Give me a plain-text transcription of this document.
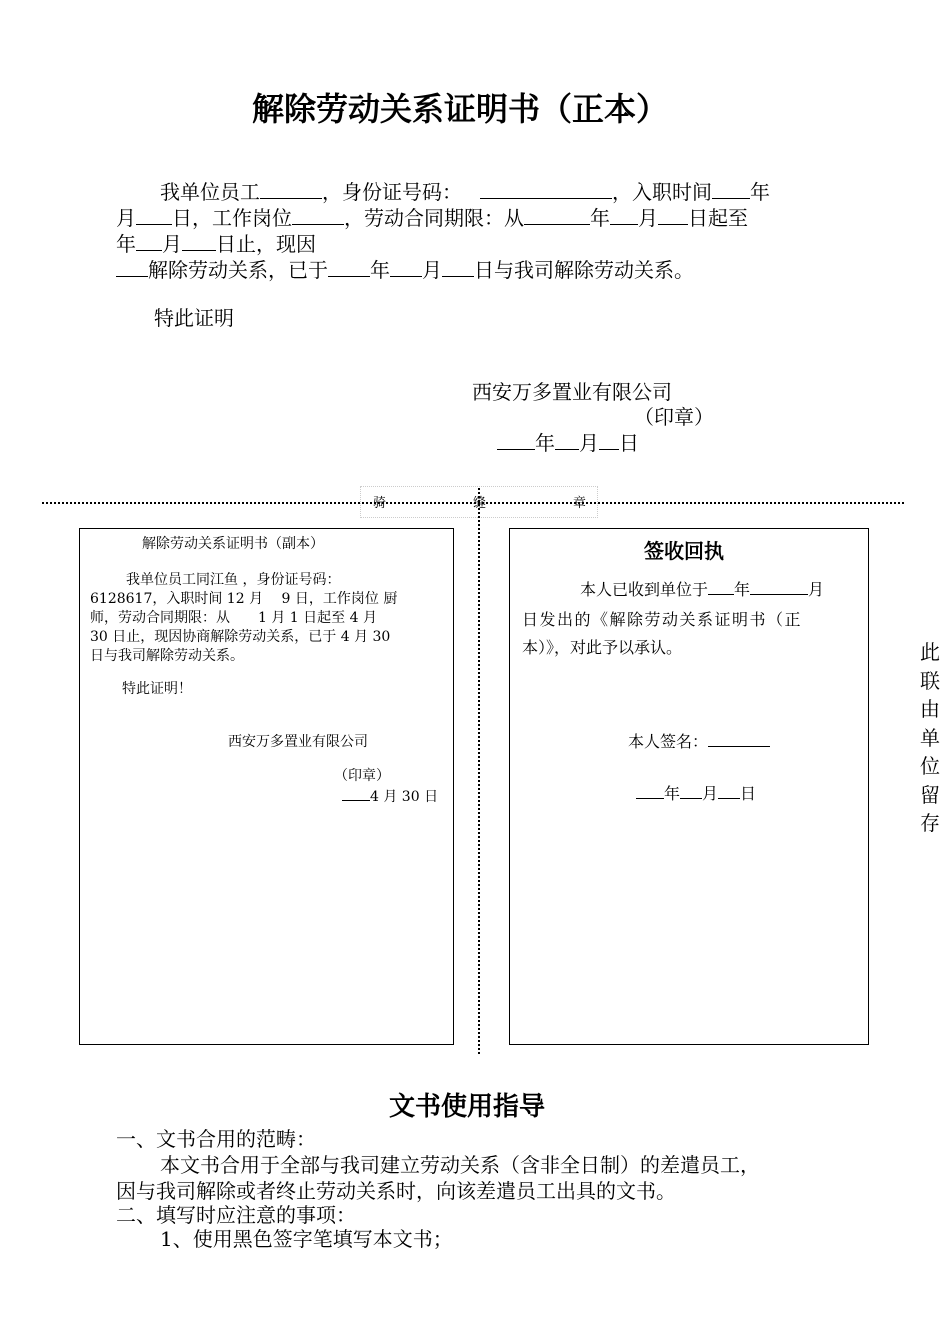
解除劳动关系证明书（正本）
我单位员工	，身份证号码：	，入职时间 年
月 日，工作岗位	，劳动合同期限：从	年 月 日起至
年 月 日止，现因
解除劳动关系，已于 年 月 日与我司解除劳动关系。
特此证明
西安万多置业有限公司
（印章）
年 月 日
骑	缝	章
解除劳动关系证明书（副本）
我单位员工同江鱼 ，身份证号码：
6128617，入职时间 12 月　 9 日，工作岗位 厨
师，劳动合同期限：从　　1 月 1 日起至 4 月
30 日止，现因协商解除劳动关系，已于 4 月 30
日与我司解除劳动关系。
特此证明！
西安万多置业有限公司
（印章）
4 月 30 日
签收回执
本人已收到单位于 年	月
日发出的《解除劳动关系证明书（正
本）》，对此予以承认。
本人签名：
年 月 日
此联由单位留存
文书使用指导
一、文书合用的范畴：
本文书合用于全部与我司建立劳动关系（含非全日制）的差遣员工，
因与我司解除或者终止劳动关系时，向该差遣员工出具的文书。
二、填写时应注意的事项：
1、使用黑色签字笔填写本文书；
